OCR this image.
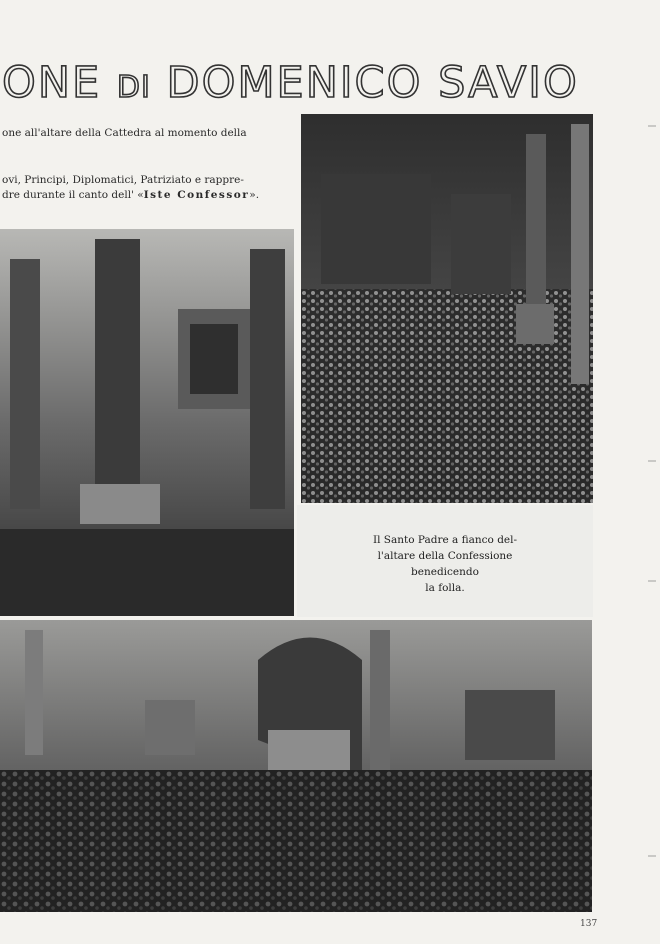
ONE DI DOMENICO SAVIO
one all'altare della Cattedra al momento della
ovi, Principi, Diplomatici, Patriziato e rappre-
dre durante il canto dell' «Iste Confessor».
Il Santo Padre a fianco del-
l'altare della Confessione
benedicendo
la folla.
137
